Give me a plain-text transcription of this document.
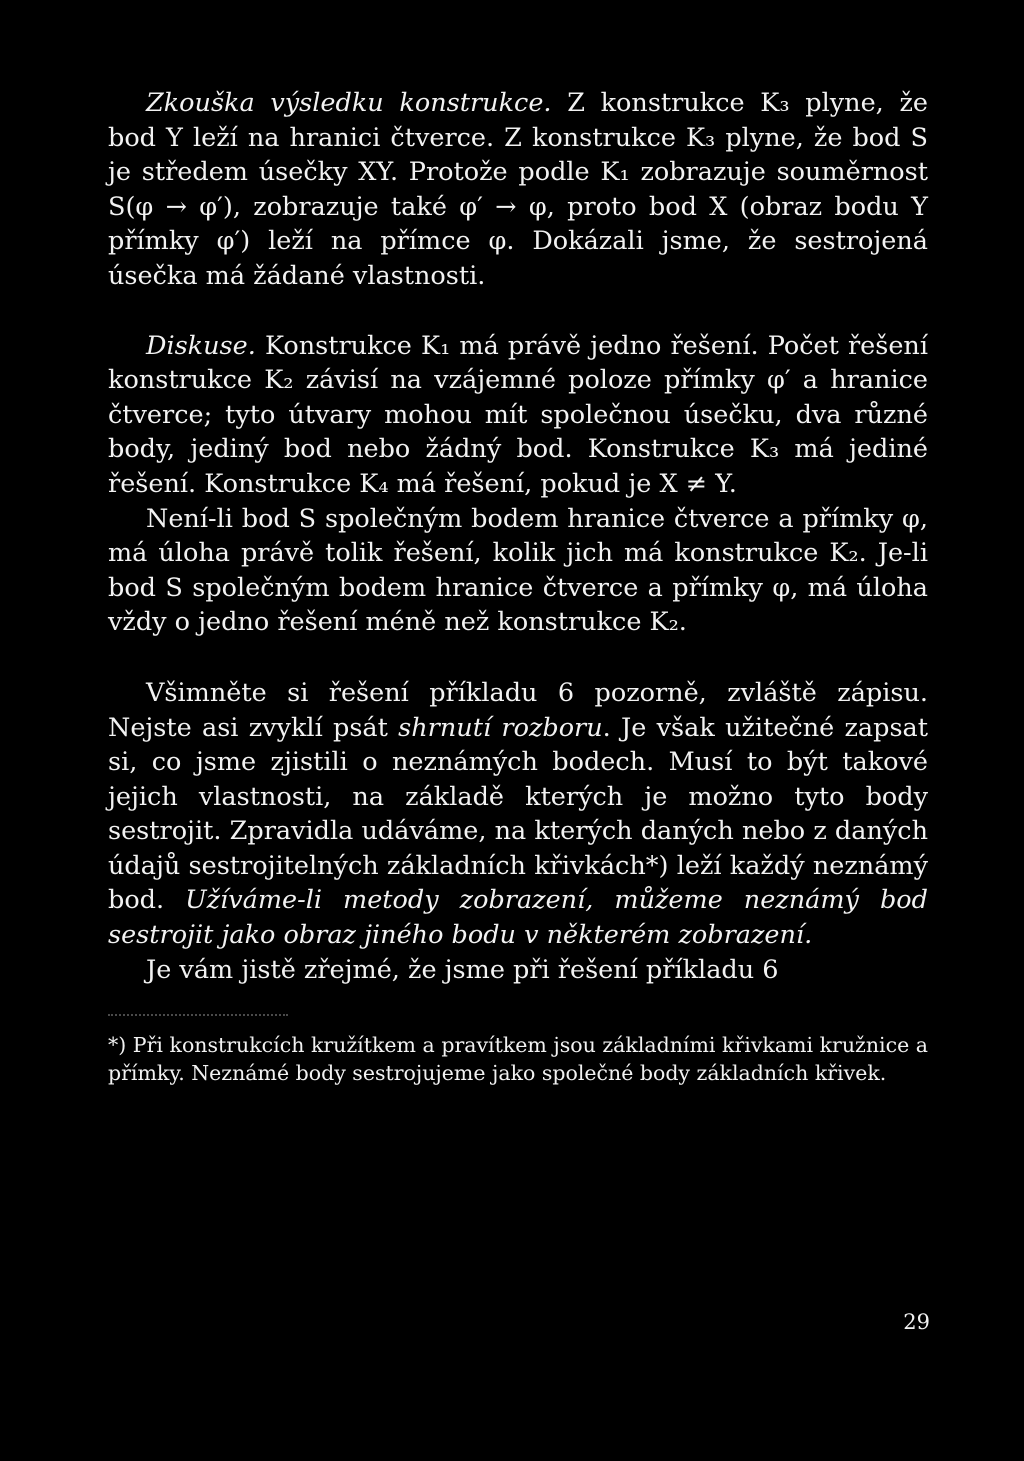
Zkouška výsledku konstrukce. Z konstrukce K₃ plyne, že bod Y leží na hranici čtverce. Z konstrukce K₃ plyne, že bod S je středem úsečky XY. Protože podle K₁ zobrazuje souměrnost S(φ → φ′), zobrazuje také φ′ → φ, proto bod X (obraz bodu Y přímky φ′) leží na přímce φ. Dokázali jsme, že sestrojená úsečka má žádané vlastnosti.

Diskuse. Konstrukce K₁ má právě jedno řešení. Počet řešení konstrukce K₂ závisí na vzájemné poloze přímky φ′ a hranice čtverce; tyto útvary mohou mít společnou úsečku, dva různé body, jediný bod nebo žádný bod. Konstrukce K₃ má jediné řešení. Konstrukce K₄ má řešení, pokud je X ≠ Y.

Není-li bod S společným bodem hranice čtverce a přímky φ, má úloha právě tolik řešení, kolik jich má konstrukce K₂. Je-li bod S společným bodem hranice čtverce a přímky φ, má úloha vždy o jedno řešení méně než konstrukce K₂.

Všimněte si řešení příkladu 6 pozorně, zvláště zápisu. Nejste asi zvyklí psát shrnutí rozboru. Je však užitečné zapsat si, co jsme zjistili o neznámých bodech. Musí to být takové jejich vlastnosti, na základě kterých je možno tyto body sestrojit. Zpravidla udáváme, na kterých daných nebo z daných údajů sestrojitelných základních křivkách*) leží každý neznámý bod. Užíváme-li metody zobrazení, můžeme neznámý bod sestrojit jako obraz jiného bodu v některém zobrazení.

Je vám jistě zřejmé, že jsme při řešení příkladu 6

*) Při konstrukcích kružítkem a pravítkem jsou základními křivkami kružnice a přímky. Neznámé body sestrojujeme jako společné body základních křivek.

29
